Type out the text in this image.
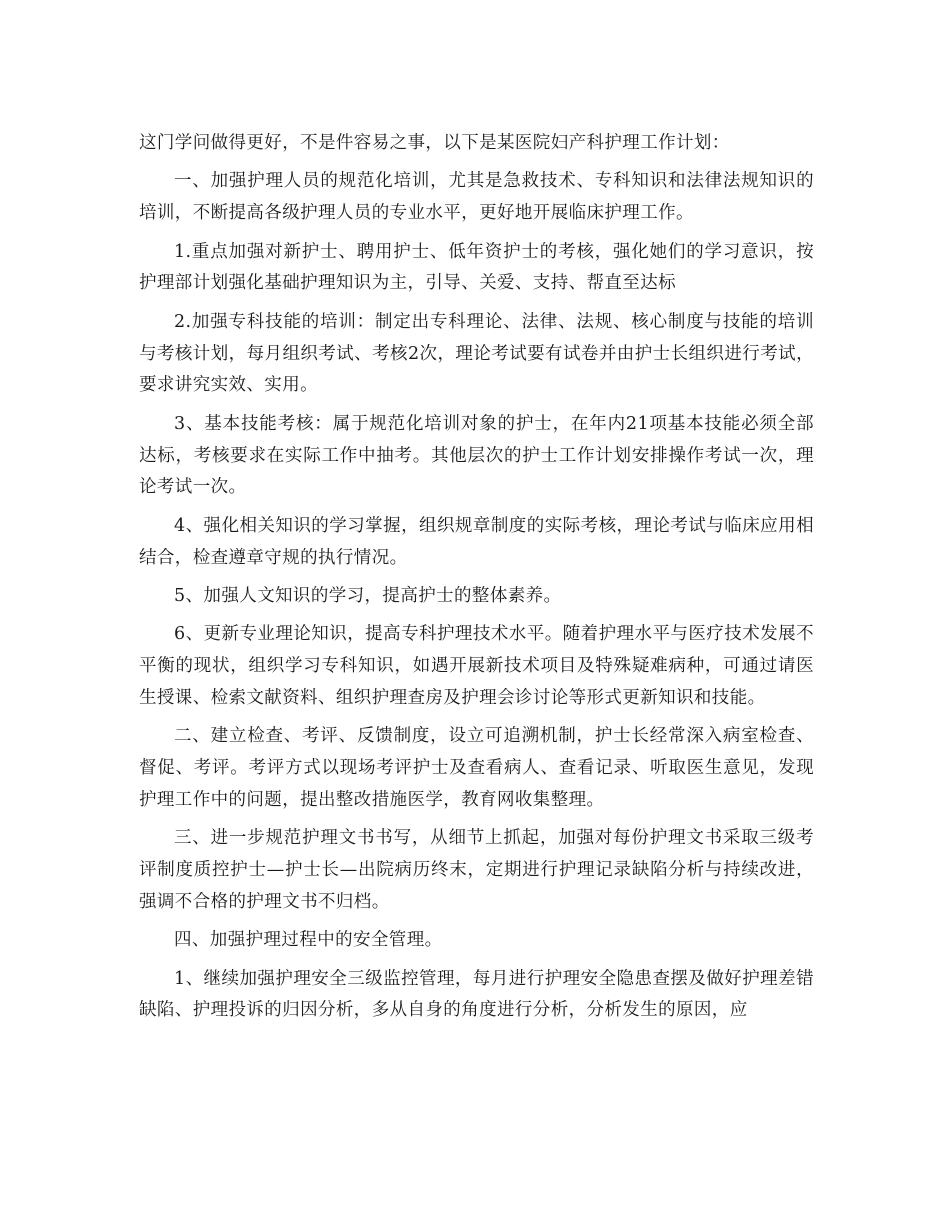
这门学问做得更好，不是件容易之事，以下是某医院妇产科护理工作计划：

一、加强护理人员的规范化培训，尤其是急救技术、专科知识和法律法规知识的培训，不断提高各级护理人员的专业水平，更好地开展临床护理工作。

1.重点加强对新护士、聘用护士、低年资护士的考核，强化她们的学习意识，按护理部计划强化基础护理知识为主，引导、关爱、支持、帮直至达标

2.加强专科技能的培训：制定出专科理论、法律、法规、核心制度与技能的培训与考核计划，每月组织考试、考核2次，理论考试要有试卷并由护士长组织进行考试，要求讲究实效、实用。

3、基本技能考核：属于规范化培训对象的护士，在年内21项基本技能必须全部达标，考核要求在实际工作中抽考。其他层次的护士工作计划安排操作考试一次，理论考试一次。

4、强化相关知识的学习掌握，组织规章制度的实际考核，理论考试与临床应用相结合，检查遵章守规的执行情况。

5、加强人文知识的学习，提高护士的整体素养。

6、更新专业理论知识，提高专科护理技术水平。随着护理水平与医疗技术发展不平衡的现状，组织学习专科知识，如遇开展新技术项目及特殊疑难病种，可通过请医生授课、检索文献资料、组织护理查房及护理会诊讨论等形式更新知识和技能。

二、建立检查、考评、反馈制度，设立可追溯机制，护士长经常深入病室检查、督促、考评。考评方式以现场考评护士及查看病人、查看记录、听取医生意见，发现护理工作中的问题，提出整改措施医学，教育网收集整理。

三、进一步规范护理文书书写，从细节上抓起，加强对每份护理文书采取三级考评制度质控护士—护士长—出院病历终末，定期进行护理记录缺陷分析与持续改进，强调不合格的护理文书不归档。

四、加强护理过程中的安全管理。

1、继续加强护理安全三级监控管理，每月进行护理安全隐患查摆及做好护理差错缺陷、护理投诉的归因分析，多从自身的角度进行分析，分析发生的原因，应
